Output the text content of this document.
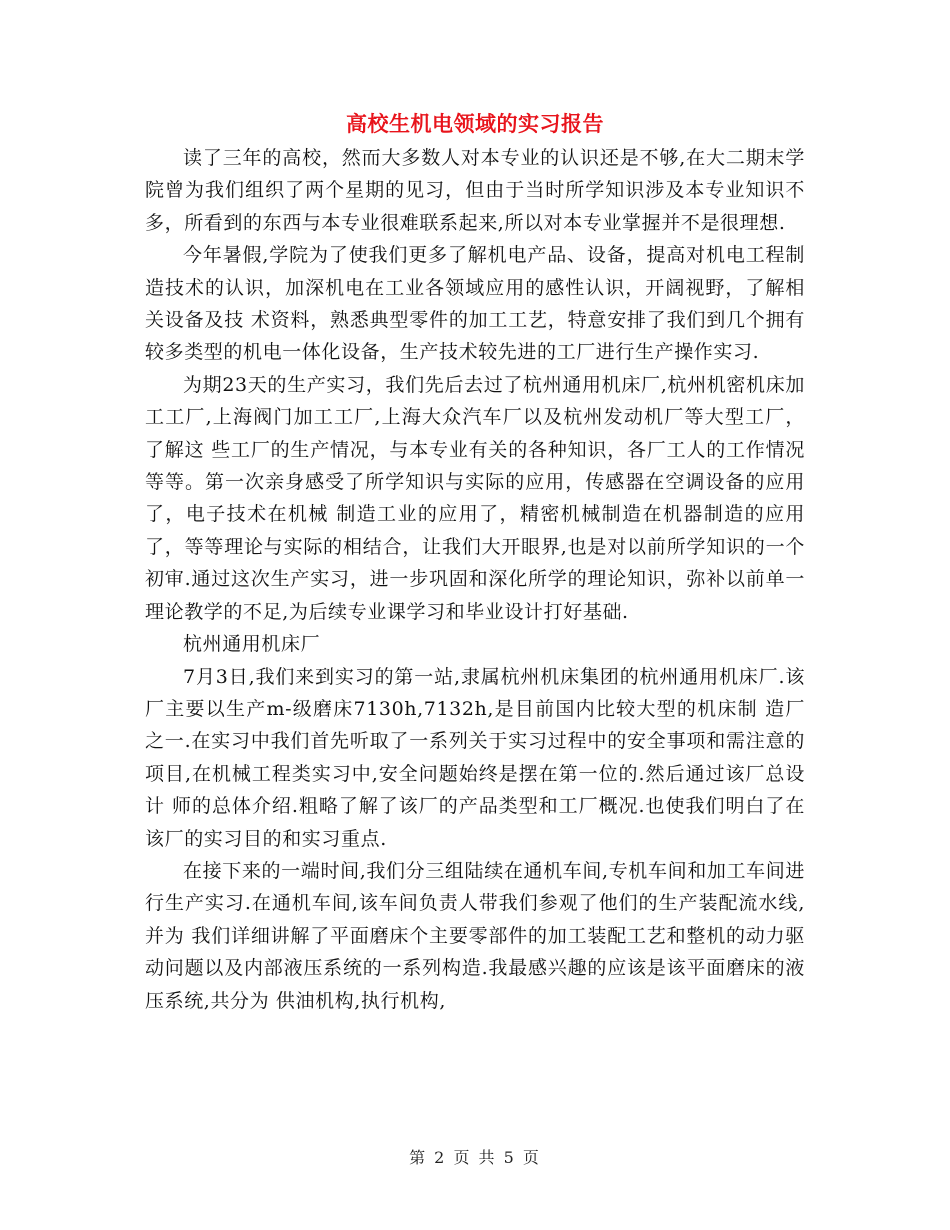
高校生机电领域的实习报告

读了三年的高校，然而大多数人对本专业的认识还是不够,在大二期末学院曾为我们组织了两个星期的见习，但由于当时所学知识涉及本专业知识不多，所看到的东西与本专业很难联系起来,所以对本专业掌握并不是很理想.

今年暑假,学院为了使我们更多了解机电产品、设备，提高对机电工程制造技术的认识，加深机电在工业各领域应用的感性认识，开阔视野，了解相关设备及技 术资料，熟悉典型零件的加工工艺，特意安排了我们到几个拥有较多类型的机电一体化设备，生产技术较先进的工厂进行生产操作实习.

为期23天的生产实习，我们先后去过了杭州通用机床厂,杭州机密机床加工工厂,上海阀门加工工厂,上海大众汽车厂以及杭州发动机厂等大型工厂，了解这 些工厂的生产情况，与本专业有关的各种知识，各厂工人的工作情况等等。第一次亲身感受了所学知识与实际的应用，传感器在空调设备的应用了，电子技术在机械 制造工业的应用了，精密机械制造在机器制造的应用了，等等理论与实际的相结合，让我们大开眼界,也是对以前所学知识的一个初审.通过这次生产实习，进一步巩固和深化所学的理论知识，弥补以前单一理论教学的不足,为后续专业课学习和毕业设计打好基础.

杭州通用机床厂

7月3日,我们来到实习的第一站,隶属杭州机床集团的杭州通用机床厂.该厂主要以生产m-级磨床7130h,7132h,是目前国内比较大型的机床制 造厂之一.在实习中我们首先听取了一系列关于实习过程中的安全事项和需注意的项目,在机械工程类实习中,安全问题始终是摆在第一位的.然后通过该厂总设计 师的总体介绍.粗略了解了该厂的产品类型和工厂概况.也使我们明白了在该厂的实习目的和实习重点.

在接下来的一端时间,我们分三组陆续在通机车间,专机车间和加工车间进行生产实习.在通机车间,该车间负责人带我们参观了他们的生产装配流水线,并为 我们详细讲解了平面磨床个主要零部件的加工装配工艺和整机的动力驱动问题以及内部液压系统的一系列构造.我最感兴趣的应该是该平面磨床的液压系统,共分为 供油机构,执行机构,

第 2 页 共 5 页
